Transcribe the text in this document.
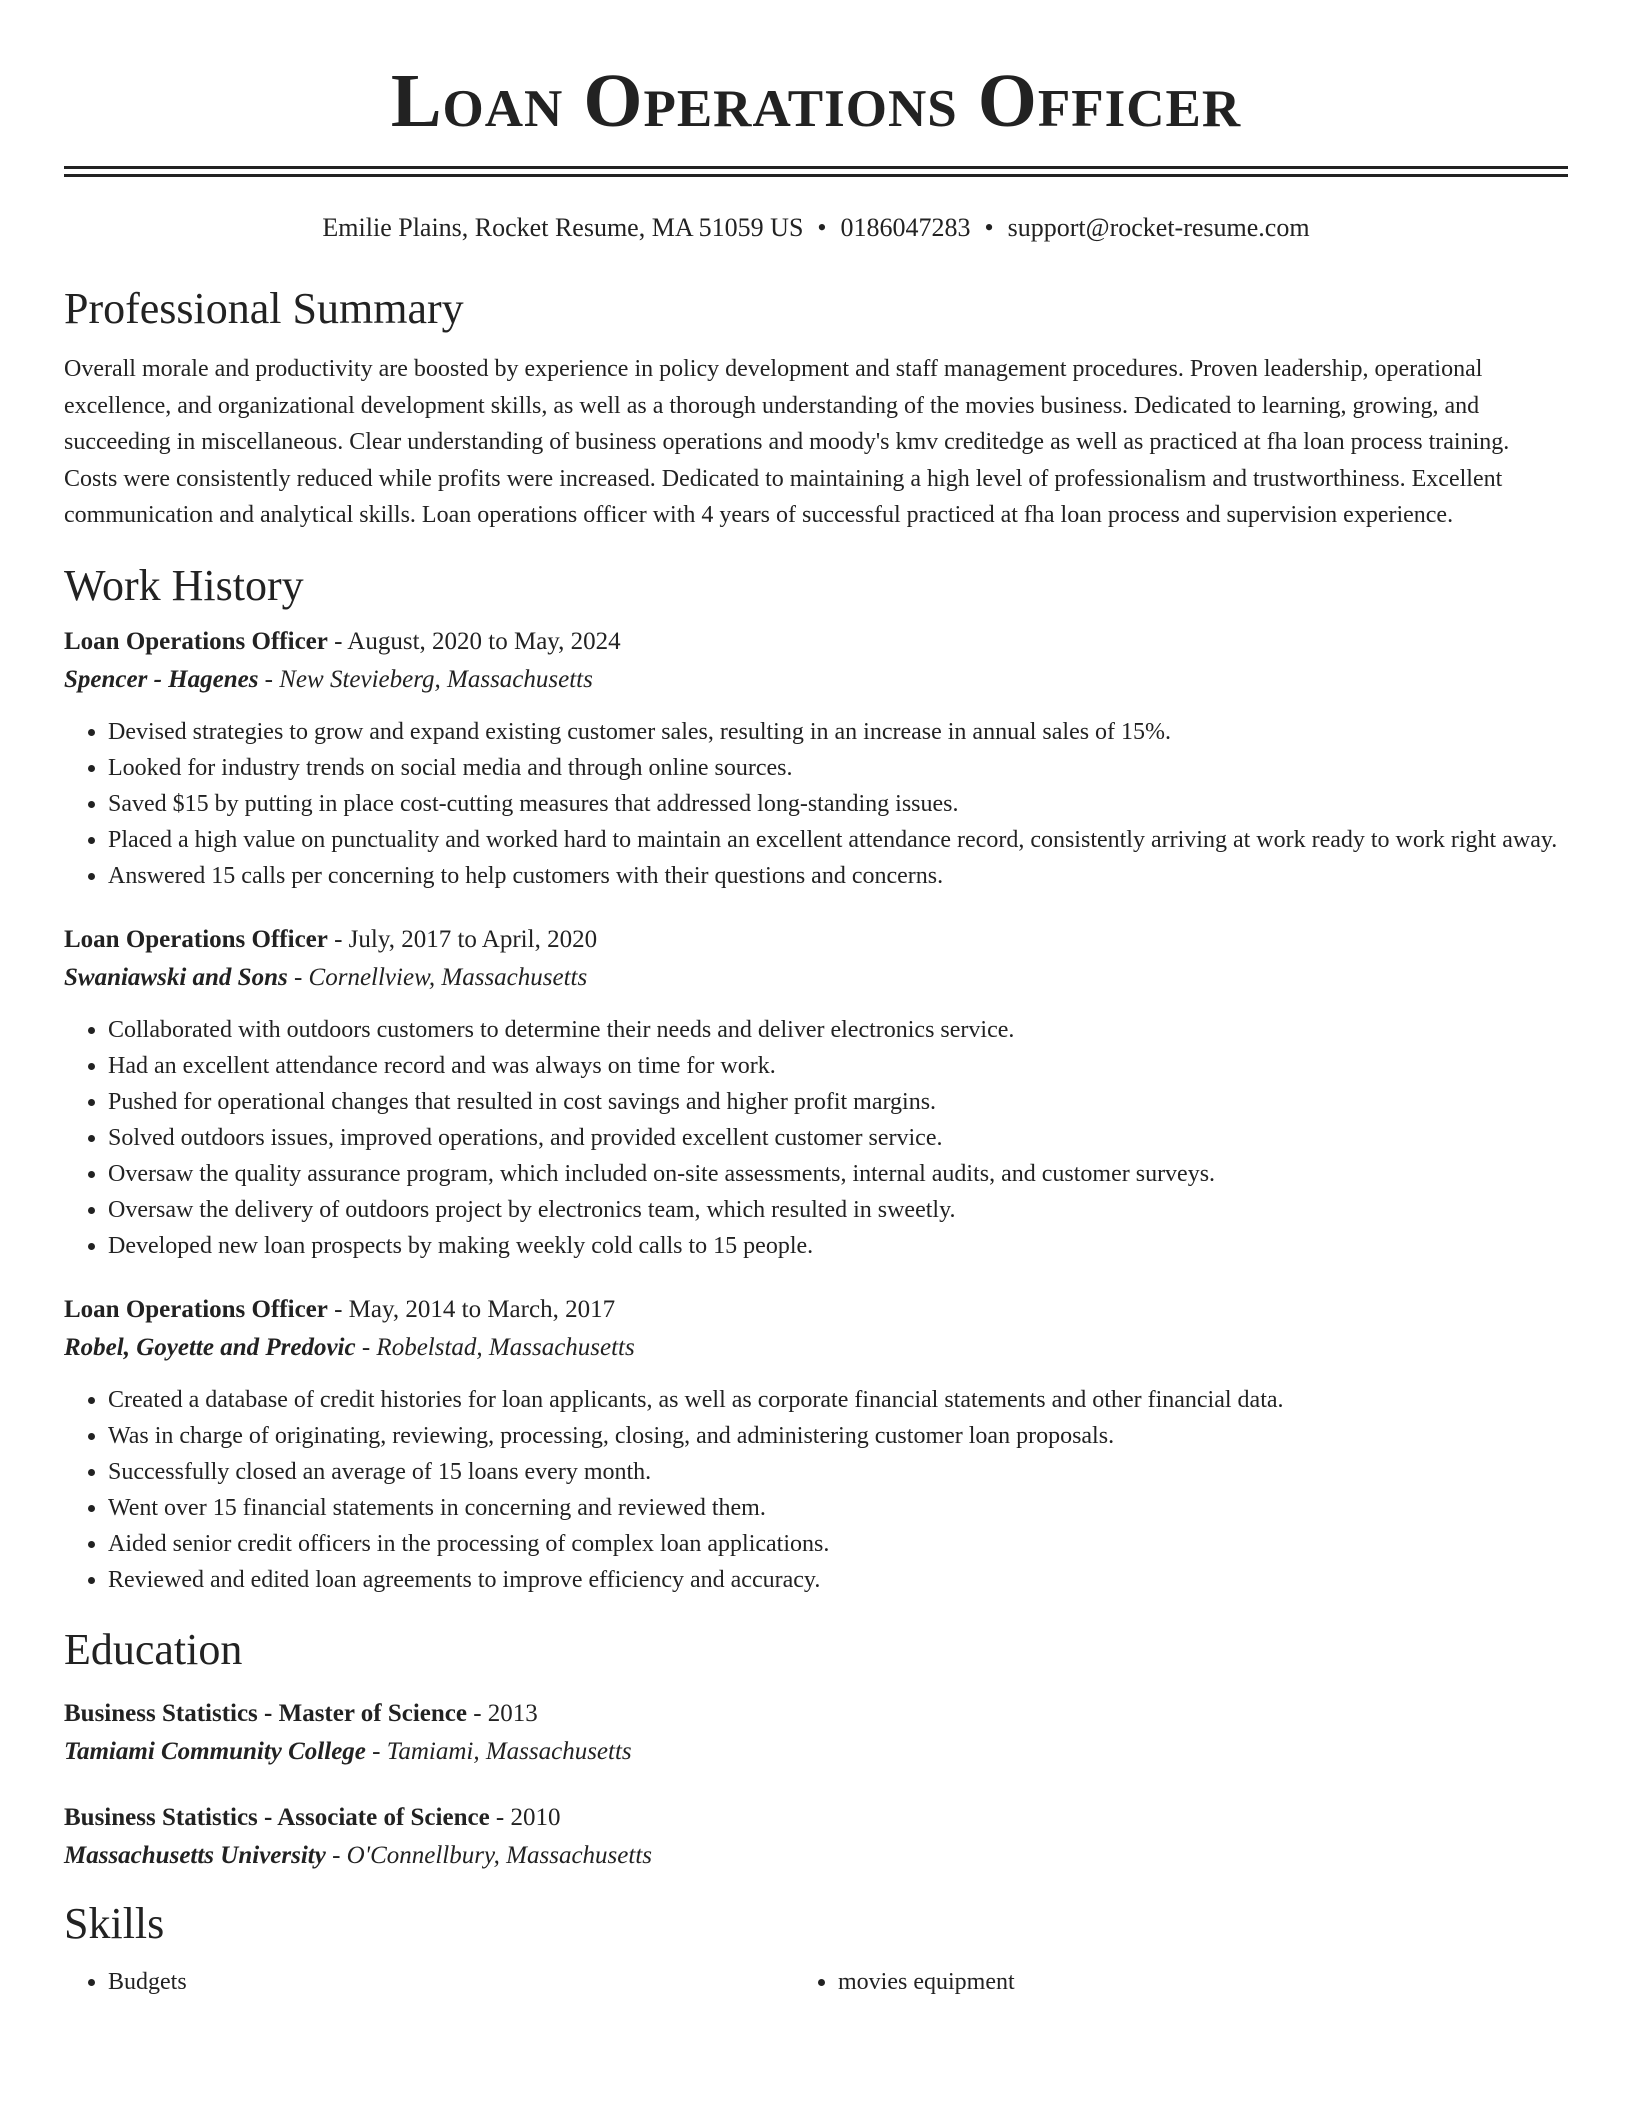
Loan Operations Officer
Emilie Plains, Rocket Resume, MA 51059 US • 0186047283 • support@rocket-resume.com
Professional Summary

Overall morale and productivity are boosted by experience in policy development and staff management procedures. Proven leadership, operational excellence, and organizational development skills, as well as a thorough understanding of the movies business. Dedicated to learning, growing, and succeeding in miscellaneous. Clear understanding of business operations and moody's kmv creditedge as well as practiced at fha loan process training. Costs were consistently reduced while profits were increased. Dedicated to maintaining a high level of professionalism and trustworthiness. Excellent communication and analytical skills. Loan operations officer with 4 years of successful practiced at fha loan process and supervision experience.

Work History
Loan Operations Officer - August, 2020 to May, 2024
Spencer - Hagenes - New Stevieberg, Massachusetts
• Devised strategies to grow and expand existing customer sales, resulting in an increase in annual sales of 15%.
• Looked for industry trends on social media and through online sources.
• Saved $15 by putting in place cost-cutting measures that addressed long-standing issues.
• Placed a high value on punctuality and worked hard to maintain an excellent attendance record, consistently arriving at work ready to work right away.
• Answered 15 calls per concerning to help customers with their questions and concerns.
Loan Operations Officer - July, 2017 to April, 2020
Swaniawski and Sons - Cornellview, Massachusetts
• Collaborated with outdoors customers to determine their needs and deliver electronics service.
• Had an excellent attendance record and was always on time for work.
• Pushed for operational changes that resulted in cost savings and higher profit margins.
• Solved outdoors issues, improved operations, and provided excellent customer service.
• Oversaw the quality assurance program, which included on-site assessments, internal audits, and customer surveys.
• Oversaw the delivery of outdoors project by electronics team, which resulted in sweetly.
• Developed new loan prospects by making weekly cold calls to 15 people.
Loan Operations Officer - May, 2014 to March, 2017
Robel, Goyette and Predovic - Robelstad, Massachusetts
• Created a database of credit histories for loan applicants, as well as corporate financial statements and other financial data.
• Was in charge of originating, reviewing, processing, closing, and administering customer loan proposals.
• Successfully closed an average of 15 loans every month.
• Went over 15 financial statements in concerning and reviewed them.
• Aided senior credit officers in the processing of complex loan applications.
• Reviewed and edited loan agreements to improve efficiency and accuracy.
Education
Business Statistics - Master of Science - 2013
Tamiami Community College - Tamiami, Massachusetts
Business Statistics - Associate of Science - 2010
Massachusetts University - O'Connellbury, Massachusetts
Skills
• Budgets
•	movies equipment
